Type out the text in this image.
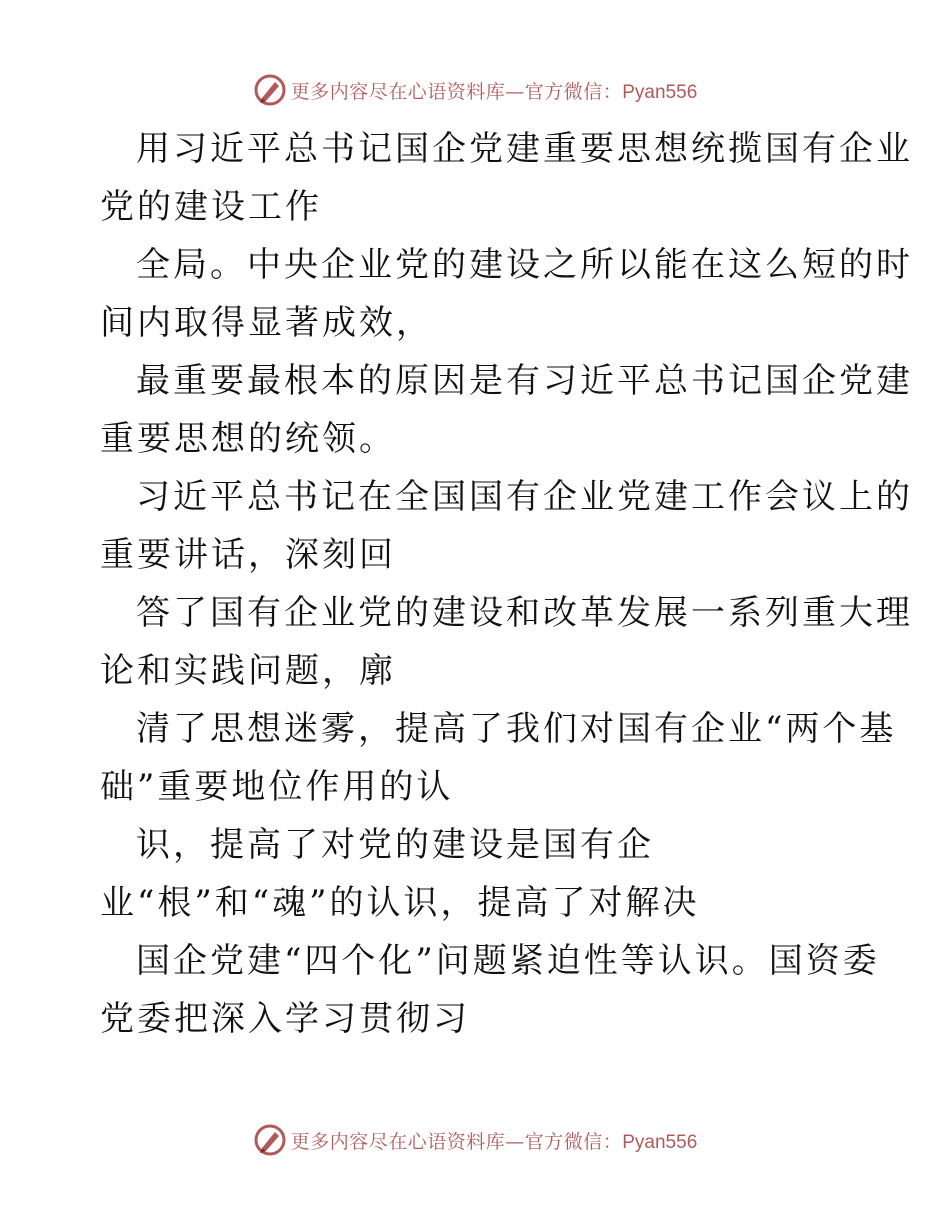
更多内容尽在心语资料库—官方微信：Pyan556
用习近平总书记国企党建重要思想统揽国有企业
党的建设工作
全局。中央企业党的建设之所以能在这么短的时
间内取得显著成效，
最重要最根本的原因是有习近平总书记国企党建
重要思想的统领。
习近平总书记在全国国有企业党建工作会议上的
重要讲话，深刻回
答了国有企业党的建设和改革发展一系列重大理
论和实践问题，廓
清了思想迷雾，提高了我们对国有企业“两个基
础”重要地位作用的认
识，提高了对党的建设是国有企
业“根”和“魂”的认识，提高了对解决
国企党建“四个化”问题紧迫性等认识。国资委
党委把深入学习贯彻习
更多内容尽在心语资料库—官方微信：Pyan556
